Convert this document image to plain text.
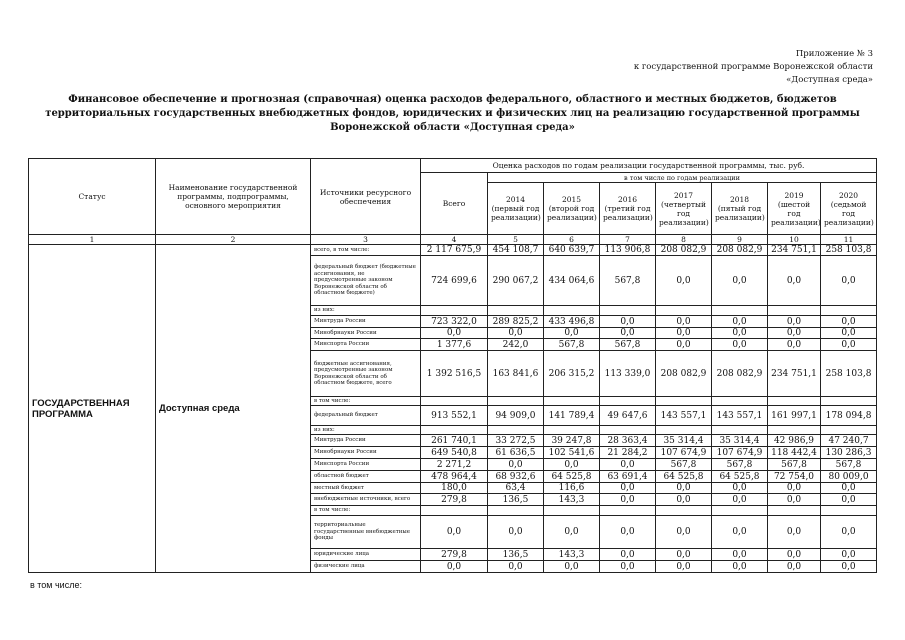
Приложение № 3
к государственной программе Воронежской области
«Доступная среда»
Финансовое обеспечение и прогнозная (справочная) оценка расходов федерального, областного и местных бюджетов, бюджетов территориальных государственных внебюджетных фондов, юридических и физических лиц на реализацию государственной программы Воронежской области «Доступная среда»
Статус	Наименование государственной программы, подпрограммы, основного мероприятия	Источники ресурсного обеспечения	Оценка расходов по годам реализации государственной программы, тыс. руб.							
			Всего	в том числе по годам реализации						
				2014 (первый год реализации)	2015 (второй год реализации)	2016 (третий год реализации)	2017 (четвертый год реализации)	2018 (пятый год реализации)	2019 (шестой год реализации)	2020 (седьмой год реализации)
1	2	3	4	5	6	7	8	9	10	11
ГОСУДАРСТВЕННАЯ ПРОГРАММА	Доступная среда	всего, в том числе:	2 117 675,9	454 108,7	640 639,7	113 906,8	208 082,9	208 082,9	234 751,1	258 103,8
		федеральный бюджет (бюджетные ассигнования, не предусмотренные законом Воронежской области об областном бюджете)	724 699,6	290 067,2	434 064,6	567,8	0,0	0,0	0,0	0,0
		из них:								
		Минтруда России	723 322,0	289 825,2	433 496,8	0,0	0,0	0,0	0,0	0,0
		Минобрнауки России	0,0	0,0	0,0	0,0	0,0	0,0	0,0	0,0
		Минспорта России	1 377,6	242,0	567,8	567,8	0,0	0,0	0,0	0,0
		бюджетные ассигнования, предусмотренные законом Воронежской области об областном бюджете, всего	1 392 516,5	163 841,6	206 315,2	113 339,0	208 082,9	208 082,9	234 751,1	258 103,8
		в том числе:								
		федеральный бюджет	913 552,1	94 909,0	141 789,4	49 647,6	143 557,1	143 557,1	161 997,1	178 094,8
		из них:								
		Минтруда России	261 740,1	33 272,5	39 247,8	28 363,4	35 314,4	35 314,4	42 986,9	47 240,7
		Минобрнауки России	649 540,8	61 636,5	102 541,6	21 284,2	107 674,9	107 674,9	118 442,4	130 286,3
		Минспорта России	2 271,2	0,0	0,0	0,0	567,8	567,8	567,8	567,8
		областной бюджет	478 964,4	68 932,6	64 525,8	63 691,4	64 525,8	64 525,8	72 754,0	80 009,0
		местный бюджет	180,0	63,4	116,6	0,0	0,0	0,0	0,0	0,0
		внебюджетные источники, всего	279,8	136,5	143,3	0,0	0,0	0,0	0,0	0,0
		в том числе:								
		территориальные государственные внебюджетные фонды	0,0	0,0	0,0	0,0	0,0	0,0	0,0	0,0
		юридические лица	279,8	136,5	143,3	0,0	0,0	0,0	0,0	0,0
		физические лица	0,0	0,0	0,0	0,0	0,0	0,0	0,0	0,0
в том числе:
